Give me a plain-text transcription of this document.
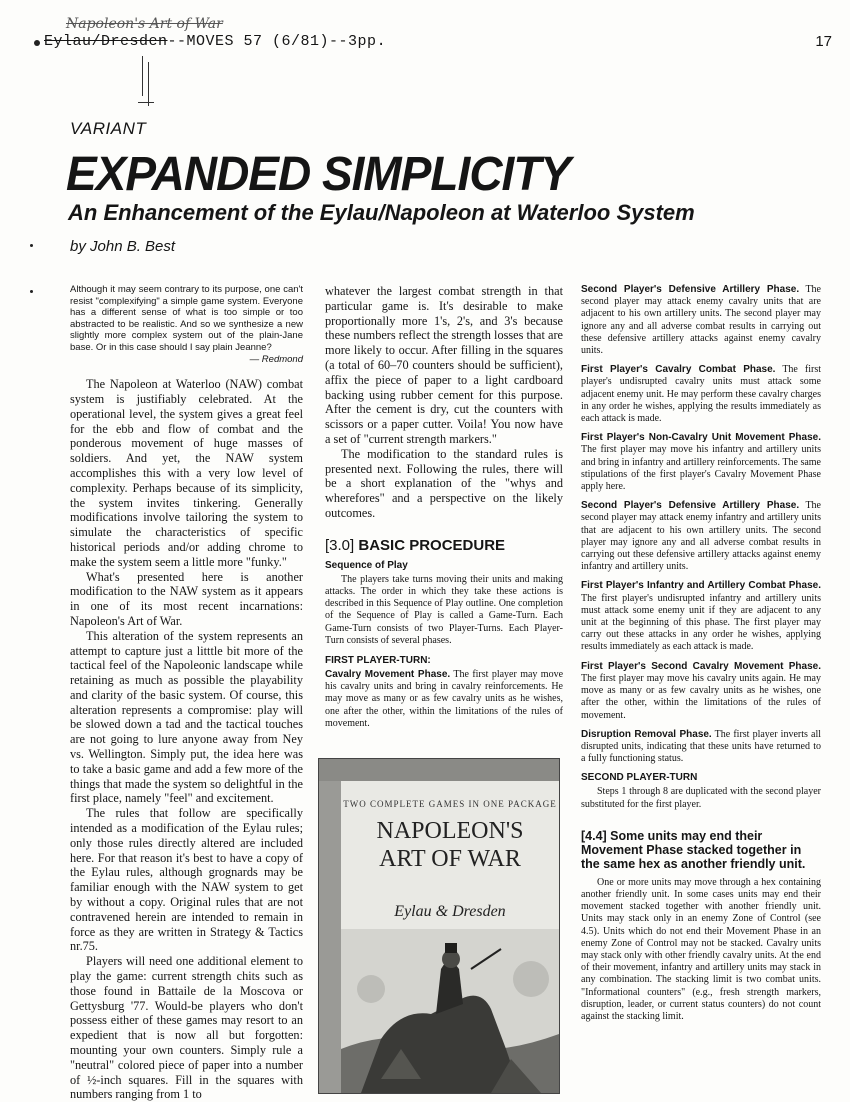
Napoleon's Art of War
Eylau/Dresden--MOVES 57 (6/81)--3pp.	17
VARIANT
EXPANDED SIMPLICITY
An Enhancement of the Eylau/Napoleon at Waterloo System
by John B. Best

Although it may seem contrary to its purpose, one can't resist "complexifying" a simple game system. Everyone has a different sense of what is too simple or too abstracted to be realistic. And so we synthesize a new slightly more complex system out of the plain-Jane base. Or in this case should I say plain Jeanne?

— Redmond

The Napoleon at Waterloo (NAW) combat system is justifiably celebrated. At the operational level, the system gives a great feel for the ebb and flow of combat and the ponderous movement of huge masses of soldiers. And yet, the NAW system accomplishes this with a very low level of complexity. Perhaps because of its simplicity, the system invites tinkering. Generally modifications involve tailoring the system to simulate the characteristics of specific historical periods and/or adding chrome to make the system seem a little more "funky."

What's presented here is another modification to the NAW system as it appears in one of its most recent incarnations: Napoleon's Art of War.

This alteration of the system represents an attempt to capture just a litttle bit more of the tactical feel of the Napoleonic landscape while retaining as much as possible the playability and clarity of the basic system. Of course, this alteration represents a compromise: play will be slowed down a tad and the tactical touches are not going to lure anyone away from Ney vs. Wellington. Simply put, the idea here was to take a basic game and add a few more of the things that made the system so delightful in the first place, namely "feel" and excitement.

The rules that follow are specifically intended as a modification of the Eylau rules; only those rules directly altered are included here. For that reason it's best to have a copy of the Eylau rules, although grognards may be familiar enough with the NAW system to get by without a copy. Original rules that are not contravened herein are intended to remain in force as they are written in Strategy & Tactics nr.75.

Players will need one additional element to play the game: current strength chits such as those found in Battaile de la Moscova or Gettysburg '77. Would-be players who don't possess either of these games may resort to an expedient that is now all but forgotten: mounting your own counters. Simply rule a "neutral" colored piece of paper into a number of ½-inch squares. Fill in the squares with numbers ranging from 1 to

whatever the largest combat strength in that particular game is. It's desirable to make proportionally more 1's, 2's, and 3's because these numbers reflect the strength losses that are more likely to occur. After filling in the squares (a total of 60–70 counters should be sufficient), affix the piece of paper to a light cardboard backing using rubber cement for this purpose. After the cement is dry, cut the counters with scissors or a paper cutter. Voila! You now have a set of "current strength markers."

The modification to the standard rules is presented next. Following the rules, there will be a short explanation of the "whys and wherefores" and a perspective on the likely outcomes.

[3.0] BASIC PROCEDURE
Sequence of Play

The players take turns moving their units and making attacks. The order in which they take these actions is described in this Sequence of Play outline. One completion of the Sequence of Play is called a Game-Turn. Each Game-Turn consists of two Player-Turns. Each Player-Turn consists of several phases.

FIRST PLAYER-TURN:

Cavalry Movement Phase. The first player may move his cavalry units and bring in cavalry reinforcements. He may move as many or as few cavalry units as he wishes, one after the other, within the limitations of the rules of movement.

TWO COMPLETE GAMES IN ONE PACKAGE
NAPOLEON'S
ART OF WAR
Eylau & Dresden

Second Player's Defensive Artillery Phase. The second player may attack enemy cavalry units that are adjacent to his own artillery units. The second player may ignore any and all adverse combat results in carrying out these defensive artillery attacks against enemy cavalry units.

First Player's Cavalry Combat Phase. The first player's undisrupted cavalry units must attack some adjacent enemy unit. He may perform these cavalry charges in any order he wishes, applying the results immediately as each attack is made.

First Player's Non-Cavalry Unit Movement Phase. The first player may move his infantry and artillery units and bring in infantry and artillery reinforcements. The same stipulations of the first player's Cavalry Movement Phase apply here.

Second Player's Defensive Artillery Phase. The second player may attack enemy infantry and artillery units that are adjacent to his own artillery units. The second player may ignore any and all adverse combat results in carrying out these defensive artillery attacks against enemy infantry and artillery units.

First Player's Infantry and Artillery Combat Phase. The first player's undisrupted infantry and artillery units must attack some enemy unit if they are adjacent to any unit at the beginning of this phase. The first player may carry out these attacks in any order he wishes, applying results immediately as each attack is made.

First Player's Second Cavalry Movement Phase. The first player may move his cavalry units again. He may move as many or as few cavalry units as he wishes, one after the other, within the limitations of the rules of movement.

Disruption Removal Phase. The first player inverts all disrupted units, indicating that these units have returned to a fully functioning status.

SECOND PLAYER-TURN

Steps 1 through 8 are duplicated with the second player substituted for the first player.

[4.4] Some units may end their Movement Phase stacked together in the same hex as another friendly unit.

One or more units may move through a hex containing another friendly unit. In some cases units may end their movement stacked together with another friendly unit. Units may stack only in an enemy Zone of Control (see 4.5). Units which do not end their Movement Phase in an enemy Zone of Control may not be stacked. Cavalry units may stack only with other friendly cavalry units. At the end of their movement, infantry and artillery units may stack in any combination. The stacking limit is two combat units. "Informational counters" (e.g., fresh strength markers, disruption, leader, or current status counters) do not count against the stacking limit.
